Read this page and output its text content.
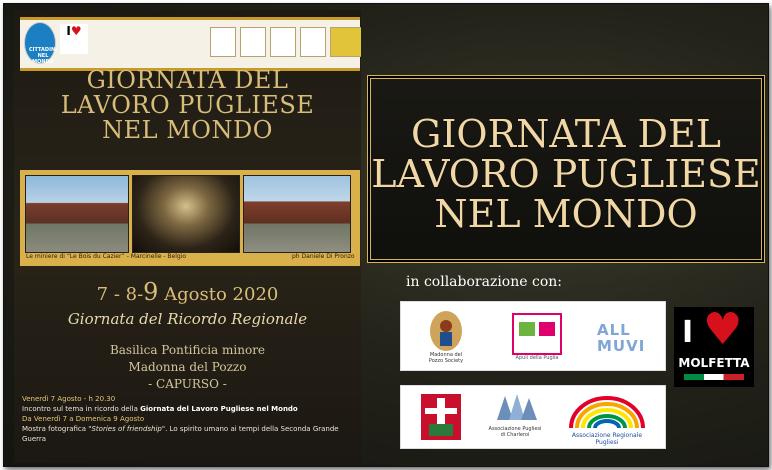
CITTADINI NEL MONDO
I♥
GIORNATA DEL
LAVORO PUGLIESE
NEL MONDO
Le miniere di “Le Bois du Cazier” - Marcinelle - Belgio	ph Daniele Di Pronzo
7 - 8-9 Agosto 2020
Giornata del Ricordo Regionale
Basilica Pontificia minore
Madonna del Pozzo
- CAPURSO -
Venerdì 7 Agosto - h 20.30
Incontro sul tema in ricordo della Giornata del Lavoro Pugliese nel Mondo
Da Venerdì 7 a Domenica 9 Agosto
Mostra fotografica "Stories of friendship". Lo spirito umano ai tempi della Seconda Grande Guerra
GIORNATA DEL
LAVORO PUGLIESE
NEL MONDO
in collaborazione con:
Madonna del Pozzo Society	Apuli della Puglia
ALL MUVI I ♥
MOLFETTA
Associazione Pugliesi di Charleroi	Associazione Regionale Pugliesi
